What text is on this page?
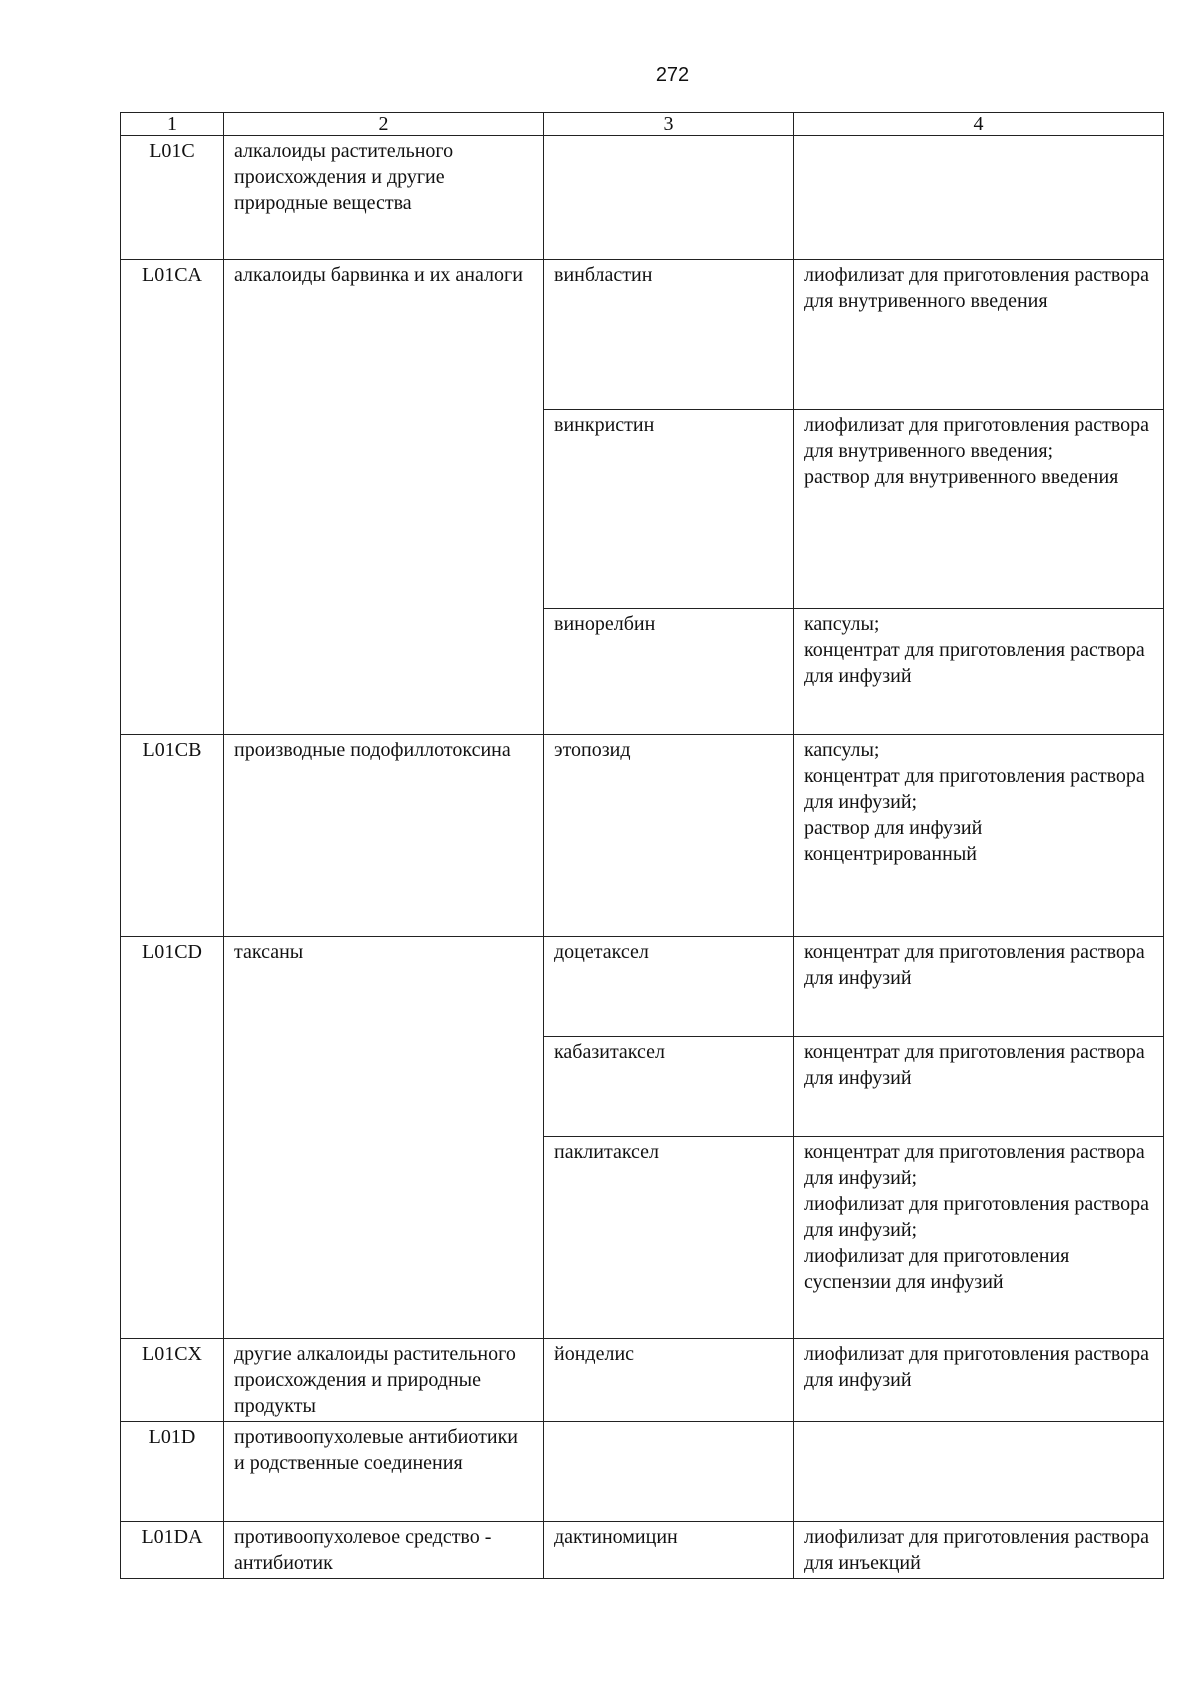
272
1	2	3	4
L01C	алкалоиды растительного происхождения и другие природные вещества		
L01CA	алкалоиды барвинка и их аналоги	винбластин	лиофилизат для приготовления раствора для внутривенного введения
		винкристин	лиофилизат для приготовления раствора для внутривенного введения;
раствор для внутривенного введения
		винорелбин	капсулы;
концентрат для приготовления раствора для инфузий
L01CB	производные подофиллотоксина	этопозид	капсулы;
концентрат для приготовления раствора для инфузий;
раствор для инфузий концентрированный
L01CD	таксаны	доцетаксел	концентрат для приготовления раствора для инфузий
		кабазитаксел	концентрат для приготовления раствора для инфузий
		паклитаксел	концентрат для приготовления раствора для инфузий;
лиофилизат для приготовления раствора для инфузий;
лиофилизат для приготовления суспензии для инфузий
L01CX	другие алкалоиды растительного происхождения и природные продукты	йонделис	лиофилизат для приготовления раствора для инфузий
L01D	противоопухолевые антибиотики и родственные соединения		
L01DA	противоопухолевое средство - антибиотик	дактиномицин	лиофилизат для приготовления раствора для инъекций
